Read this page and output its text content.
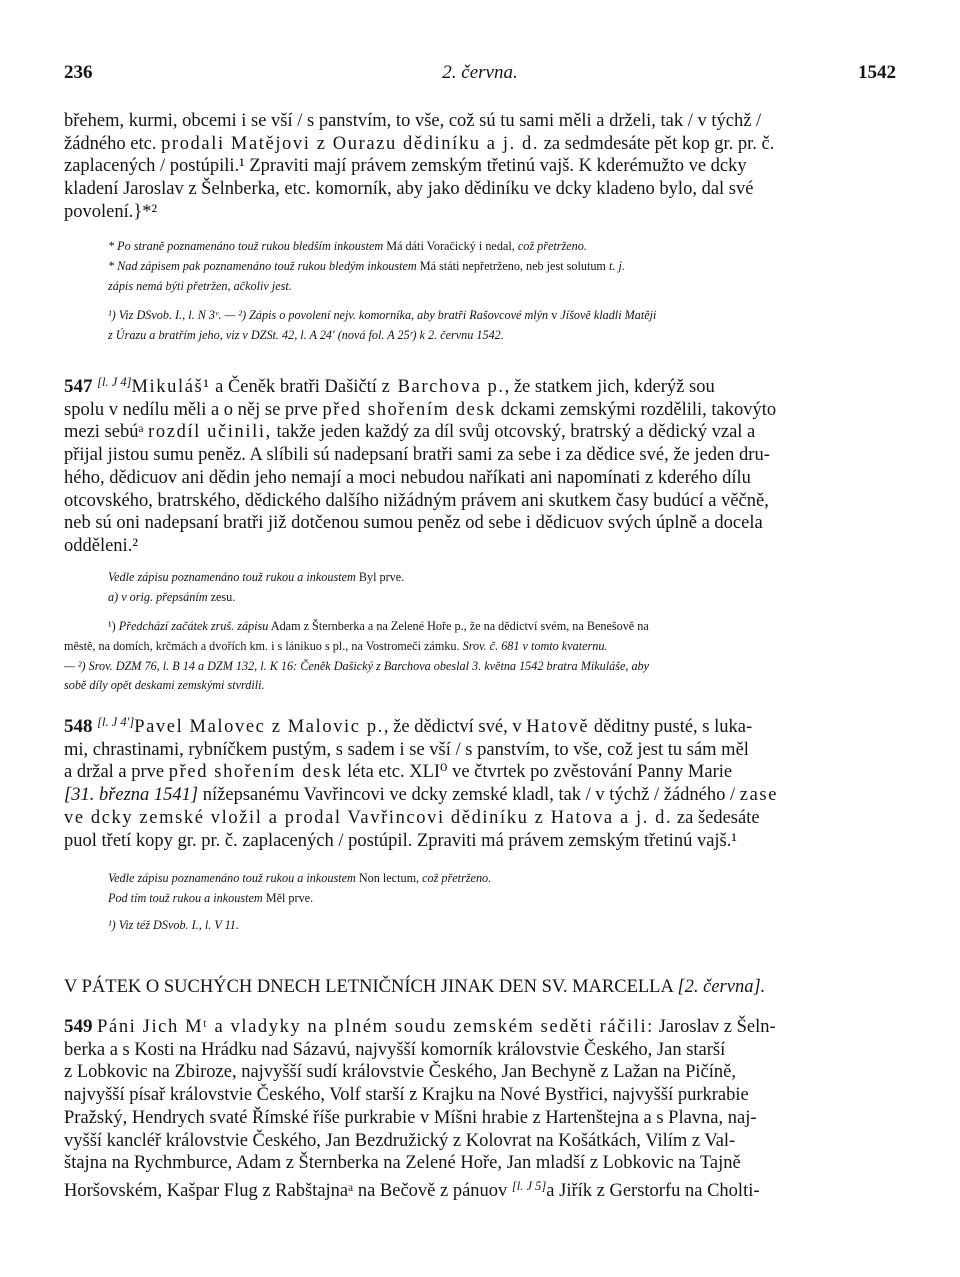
236	2. června.	1542
břehem, kurmi, obcemi i se vší / s panstvím, to vše, což sú tu sami měli a drželi, tak / v týchž /
žádného etc. prodali Matějovi z Ourazu dědiníku a j. d. za sedmdesáte pět kop gr. pr. č.
zaplacených / postúpili.¹ Zpraviti mají právem zemským třetinú vajš. K kderémužto ve dcky
kladení Jaroslav z Šelnberka, etc. komorník, aby jako dědiníku ve dcky kladeno bylo, dal své
povolení.}*²
* Po straně poznamenáno touž rukou bledším inkoustem Má dáti Voračický i nedal, což přetrženo.
* Nad zápisem pak poznamenáno touž rukou bledým inkoustem Má státi nepřetrženo, neb jest solutum t. j.
zápis nemá býti přetržen, ačkoliv jest.
¹) Viz DSvob. I., l. N 3ᵛ. — ²) Zápis o povolení nejv. komorníka, aby bratři Rašovcové mlýn v Jíšově kladli Matěji
z Úrazu a bratřím jeho, viz v DZSt. 42, l. A 24′ (nová fol. A 25ʳ) k 2. červnu 1542.
547 [l. J 4]Mikuláš¹ a Čeněk bratři Dašičtí z Barchova p., že statkem jich, kderýž sou
spolu v nedílu měli a o něj se prve před shořením desk dckami zemskými rozdělili, takovýto
mezi sebúᵃ rozdíl učinili, takže jeden každý za díl svůj otcovský, bratrský a dědický vzal a
přijal jistou sumu peněz. A slíbili sú nadepsaní bratři sami za sebe i za dědice své, že jeden dru-
hého, dědicuov ani dědin jeho nemají a moci nebudou naříkati ani napomínati z kderého dílu
otcovského, bratrského, dědického dalšího nižádným právem ani skutkem časy budúcí a věčně,
neb sú oni nadepsaní bratři již dotčenou sumou peněz od sebe i dědicuov svých úplně a docela
odděleni.²
Vedle zápisu poznamenáno touž rukou a inkoustem Byl prve.
a) v orig. přepsáním zesu.
¹) Předchází začátek zruš. zápisu Adam z Šternberka a na Zelené Hoře p., že na dědictví svém, na Benešově na
městě, na domích, krčmách a dvořích km. i s lánikuo s pl., na Vostromeči zámku. Srov. č. 681 v tomto kvaternu.
— ²) Srov. DZM 76, l. B 14 a DZM 132, l. K 16: Čeněk Dašický z Barchova obeslal 3. května 1542 bratra Mikuláše, aby
sobě díly opět deskami zemskými stvrdili.
548 [l. J 4′]Pavel Malovec z Malovic p., že dědictví své, v Hatově děditny pusté, s luka-
mi, chrastinami, rybníčkem pustým, s sadem i se vší / s panstvím, to vše, což jest tu sám měl
a držal a prve před shořením desk léta etc. XLI⁰ ve čtvrtek po zvěstování Panny Marie
[31. března 1541] nížepsanému Vavřincovi ve dcky zemské kladl, tak / v týchž / žádného / zase
ve dcky zemské vložil a prodal Vavřincovi dědiníku z Hatova a j. d. za šedesáte
puol třetí kopy gr. pr. č. zaplacených / postúpil. Zpraviti má právem zemským třetinú vajš.¹
Vedle zápisu poznamenáno touž rukou a inkoustem Non lectum, což přetrženo.
Pod tím touž rukou a inkoustem Měl prve.
¹) Viz též DSvob. I., l. V 11.
V PÁTEK O SUCHÝCH DNECH LETNIČNÍCH JINAK DEN SV. MARCELLA [2. června].
549 Páni Jich Mᵗ a vladyky na plném soudu zemském seděti ráčili: Jaroslav z Šeln-
berka a s Kosti na Hrádku nad Sázavú, najvyšší komorník královstvie Českého, Jan starší
z Lobkovic na Zbiroze, najvyšší sudí královstvie Českého, Jan Bechyně z Lažan na Pičíně,
najvyšší písař královstvie Českého, Volf starší z Krajku na Nové Bystřici, najvyšší purkrabie
Pražský, Hendrych svaté Římské říše purkrabie v Míšni hrabie z Hartenštejna a s Plavna, naj-
vyšší kancléř královstvie Českého, Jan Bezdružický z Kolovrat na Košátkách, Vilím z Val-
štajna na Rychmburce, Adam z Šternberka na Zelené Hoře, Jan mladší z Lobkovic na Tajně
Horšovském, Kašpar Flug z Rabštajnaᵃ na Bečově z pánuov [l. J 5]a Jiřík z Gerstorfu na Cholti-
